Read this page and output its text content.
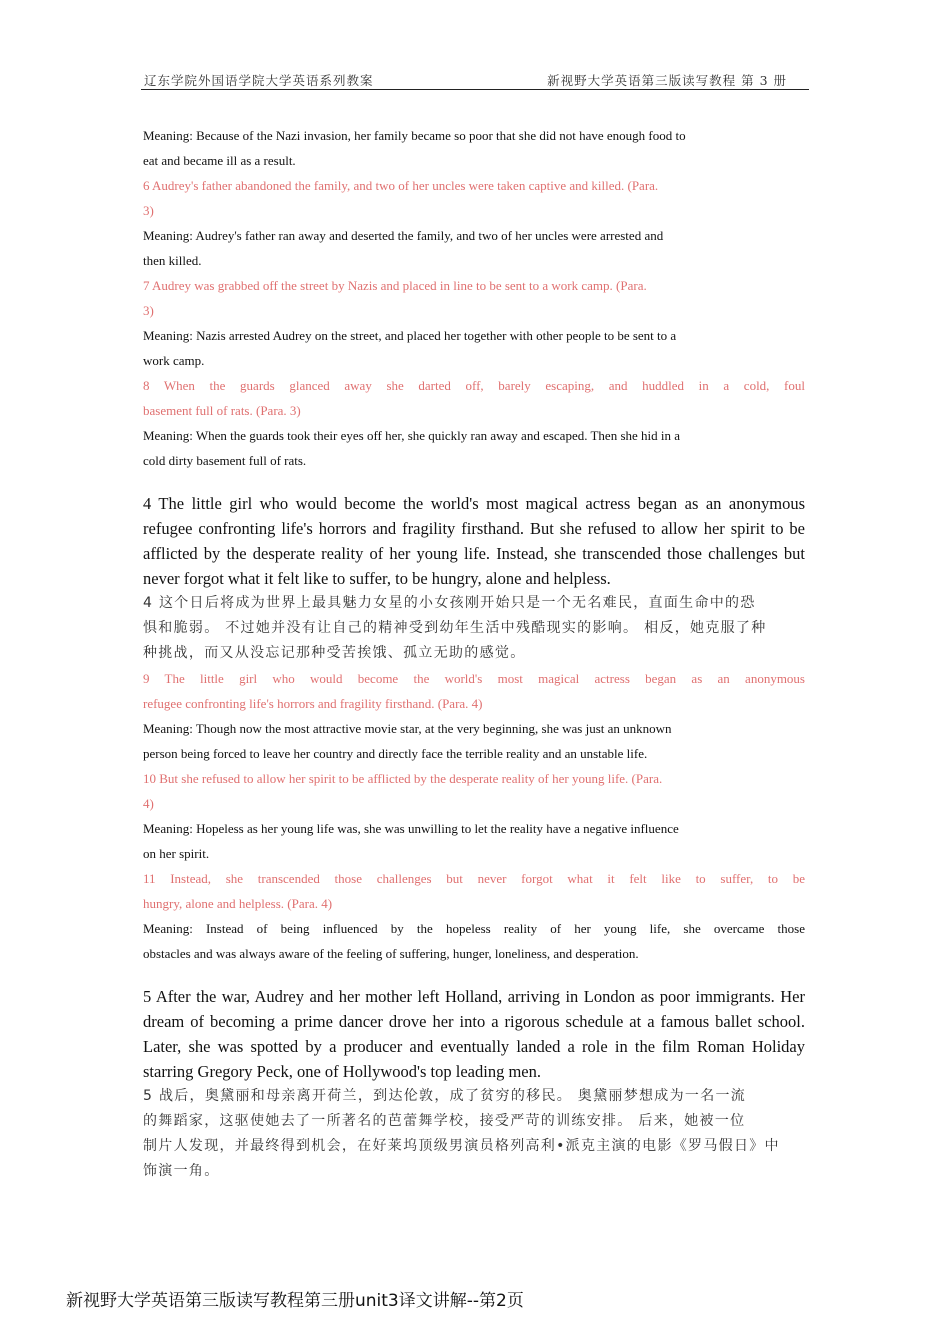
辽东学院外国语学院大学英语系列教案	新视野大学英语第三版读写教程 第 3 册

Meaning: Because of the Nazi invasion, her family became so poor that she did not have enough food to
eat and became ill as a result.

6 Audrey's father abandoned the family, and two of her uncles were taken captive and killed. (Para.
3)

Meaning: Audrey's father ran away and deserted the family, and two of her uncles were arrested and
then killed.

7 Audrey was grabbed off the street by Nazis and placed in line to be sent to a work camp. (Para.
3)

Meaning: Nazis arrested Audrey on the street, and placed her together with other people to be sent to a
work camp.

8 When the guards glanced away she darted off, barely escaping, and huddled in a cold, foul
basement full of rats. (Para. 3)

Meaning: When the guards took their eyes off her, she quickly ran away and escaped. Then she hid in a
cold dirty basement full of rats.

4 The little girl who would become the world's most magical actress began as an anonymous
refugee confronting life's horrors and fragility firsthand. But she refused to allow her spirit to be
afflicted by the desperate reality of her young life. Instead, she transcended those challenges but
never forgot what it felt like to suffer, to be hungry, alone and helpless.

4 这个日后将成为世界上最具魅力女星的小女孩刚开始只是一个无名难民，直面生命中的恐
惧和脆弱。 不过她并没有让自己的精神受到幼年生活中残酷现实的影响。 相反，她克服了种
种挑战，而又从没忘记那种受苦挨饿、孤立无助的感觉。

9 The little girl who would become the world's most magical actress began as an anonymous
refugee confronting life's horrors and fragility firsthand. (Para. 4)

Meaning: Though now the most attractive movie star, at the very beginning, she was just an unknown
person being forced to leave her country and directly face the terrible reality and an unstable life.

10 But she refused to allow her spirit to be afflicted by the desperate reality of her young life. (Para.
4)

Meaning: Hopeless as her young life was, she was unwilling to let the reality have a negative influence
on her spirit.

11 Instead, she transcended those challenges but never forgot what it felt like to suffer, to be
hungry, alone and helpless. (Para. 4)

Meaning: Instead of being influenced by the hopeless reality of her young life, she overcame those
obstacles and was always aware of the feeling of suffering, hunger, loneliness, and desperation.

5 After the war, Audrey and her mother left Holland, arriving in London as poor immigrants. Her
dream of becoming a prime dancer drove her into a rigorous schedule at a famous ballet school.
Later, she was spotted by a producer and eventually landed a role in the film Roman Holiday
starring Gregory Peck, one of Hollywood's top leading men.

5 战后，奥黛丽和母亲离开荷兰，到达伦敦，成了贫穷的移民。 奥黛丽梦想成为一名一流
的舞蹈家，这驱使她去了一所著名的芭蕾舞学校，接受严苛的训练安排。 后来，她被一位
制片人发现，并最终得到机会，在好莱坞顶级男演员格列高利•派克主演的电影《罗马假日》中
饰演一角。

新视野大学英语第三版读写教程第三册unit3译文讲解--第2页
